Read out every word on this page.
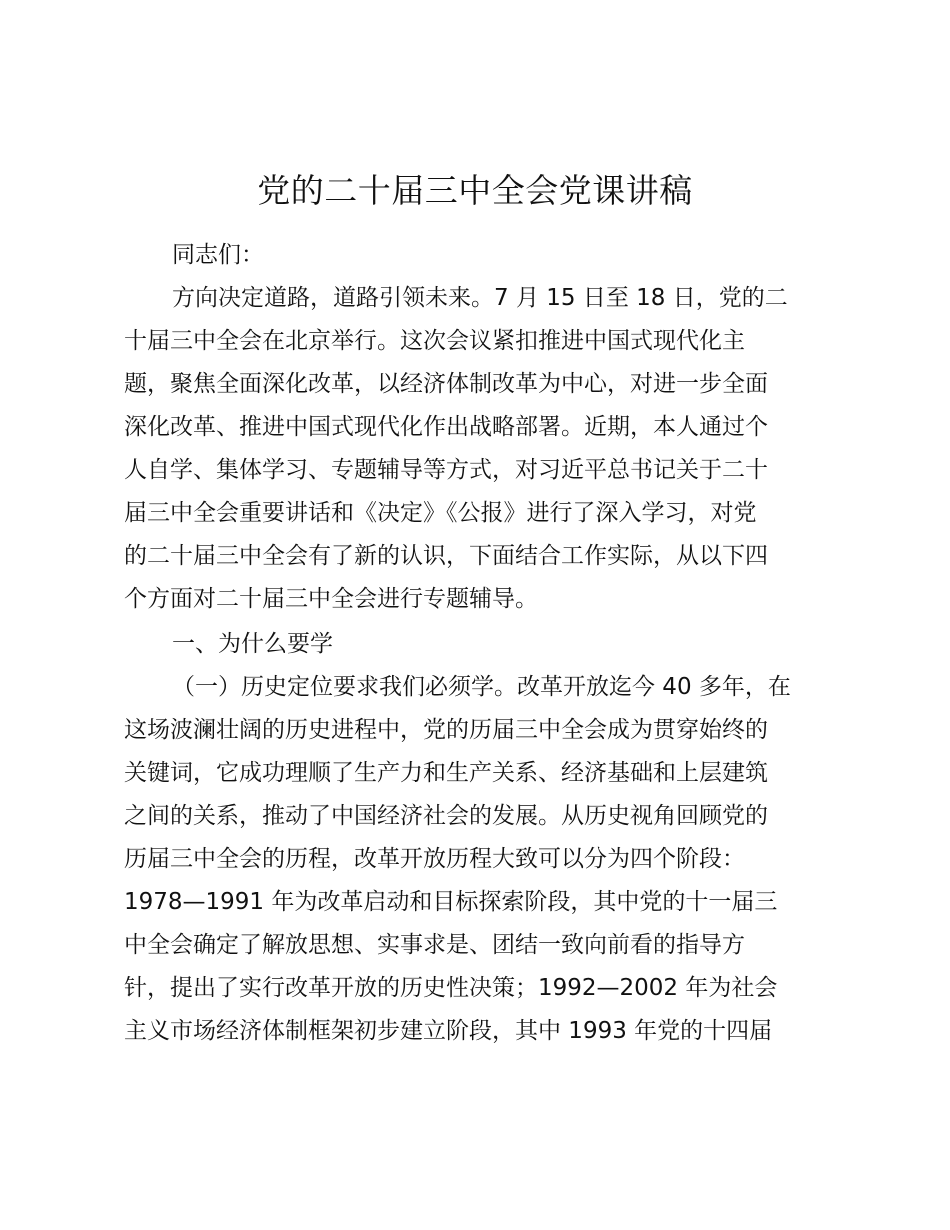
党的二十届三中全会党课讲稿
同志们：
方向决定道路，道路引领未来。7 月 15 日至 18 日，党的二
十届三中全会在北京举行。这次会议紧扣推进中国式现代化主
题，聚焦全面深化改革，以经济体制改革为中心，对进一步全面
深化改革、推进中国式现代化作出战略部署。近期，本人通过个
人自学、集体学习、专题辅导等方式，对习近平总书记关于二十
届三中全会重要讲话和《决定》《公报》进行了深入学习，对党
的二十届三中全会有了新的认识，下面结合工作实际，从以下四
个方面对二十届三中全会进行专题辅导。
一、为什么要学
（一）历史定位要求我们必须学。改革开放迄今 40 多年，在
这场波澜壮阔的历史进程中，党的历届三中全会成为贯穿始终的
关键词，它成功理顺了生产力和生产关系、经济基础和上层建筑
之间的关系，推动了中国经济社会的发展。从历史视角回顾党的
历届三中全会的历程，改革开放历程大致可以分为四个阶段：
1978—1991 年为改革启动和目标探索阶段，其中党的十一届三
中全会确定了解放思想、实事求是、团结一致向前看的指导方
针，提出了实行改革开放的历史性决策；1992—2002 年为社会
主义市场经济体制框架初步建立阶段，其中 1993 年党的十四届
